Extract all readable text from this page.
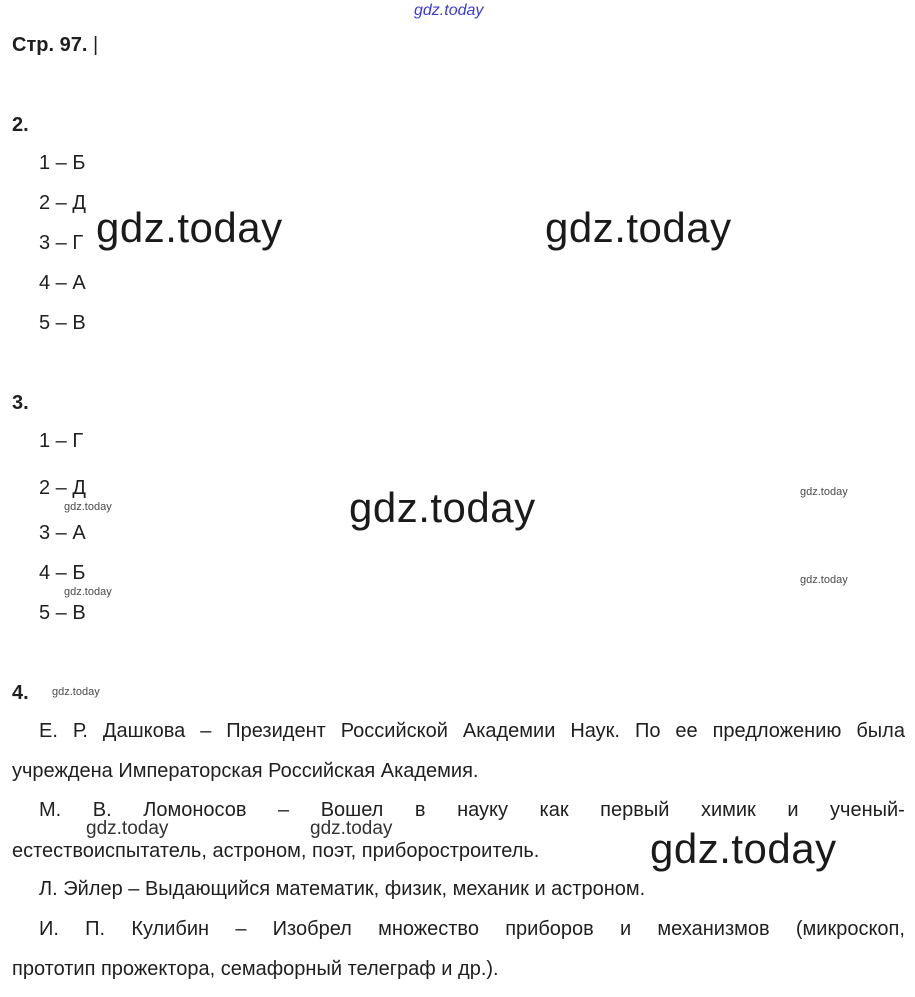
gdz.today
Стр. 97. |
2.
1 – Б
2 – Д
3 – Г
4 – А
5 – В
3.
1 – Г
2 – Д
3 – А
4 – Б
5 – В
4.
Е. Р. Дашкова – Президент Российской Академии Наук. По ее предложению была
учреждена Императорская Российская Академия.
М. В. Ломоносов – Вошел в науку как первый химик и ученый-
естествоиспытатель, астроном, поэт, приборостроитель.
Л. Эйлер – Выдающийся математик, физик, механик и астроном.
И. П. Кулибин – Изобрел множество приборов и механизмов (микроскоп,
прототип прожектора, семафорный телеграф и др.).
gdz.today	gdz.today
gdz.today
gdz.today
gdz.today
gdz.today
gdz.today
gdz.today
gdz.today
gdz.today	gdz.today
